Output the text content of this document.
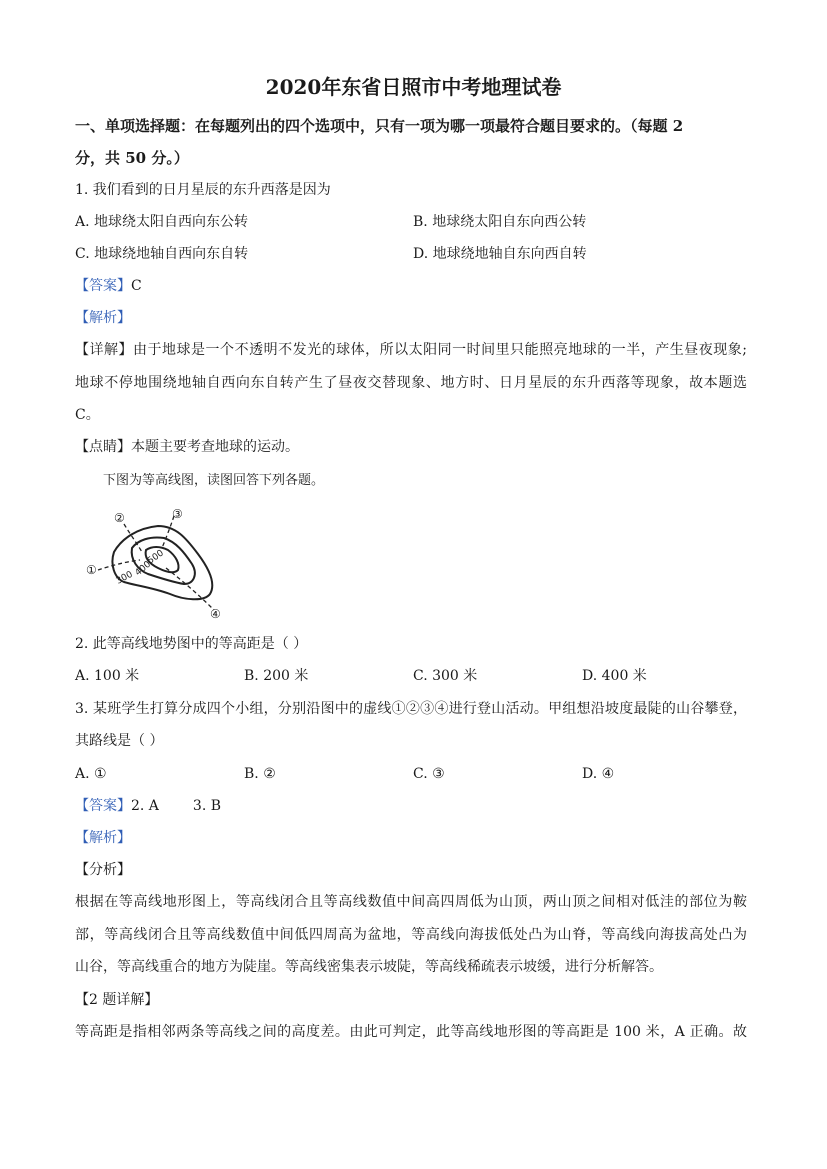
2020年东省日照市中考地理试卷
一、单项选择题：在每题列出的四个选项中，只有一项为哪一项最符合题目要求的。（每题 2
分，共 50 分。）
1. 我们看到的日月星辰的东升西落是因为
A. 地球绕太阳自西向东公转	B. 地球绕太阳自东向西公转
C. 地球绕地轴自西向东自转	D. 地球绕地轴自东向西自转
【答案】C
【解析】
【详解】由于地球是一个不透明不发光的球体，所以太阳同一时间里只能照亮地球的一半，产生昼夜现象;
地球不停地围绕地轴自西向东自转产生了昼夜交替现象、地方时、日月星辰的东升西落等现象，故本题选
C。
【点睛】本题主要考查地球的运动。
下图为等高线图，读图回答下列各题。
①
②	③
④
300
400
500
2. 此等高线地势图中的等高距是（ ）
A. 100 米	B. 200 米	C. 300 米	D. 400 米
3. 某班学生打算分成四个小组，分别沿图中的虚线①②③④进行登山活动。甲组想沿坡度最陡的山谷攀登，
其路线是（ ）
A. ①	B. ②	C. ③	D. ④
【答案】2. A 3. B
【解析】
【分析】
根据在等高线地形图上，等高线闭合且等高线数值中间高四周低为山顶，两山顶之间相对低洼的部位为鞍
部，等高线闭合且等高线数值中间低四周高为盆地，等高线向海拔低处凸为山脊，等高线向海拔高处凸为
山谷，等高线重合的地方为陡崖。等高线密集表示坡陡，等高线稀疏表示坡缓，进行分析解答。
【2 题详解】
等高距是指相邻两条等高线之间的高度差。由此可判定，此等高线地形图的等高距是 100 米，A 正确。故
